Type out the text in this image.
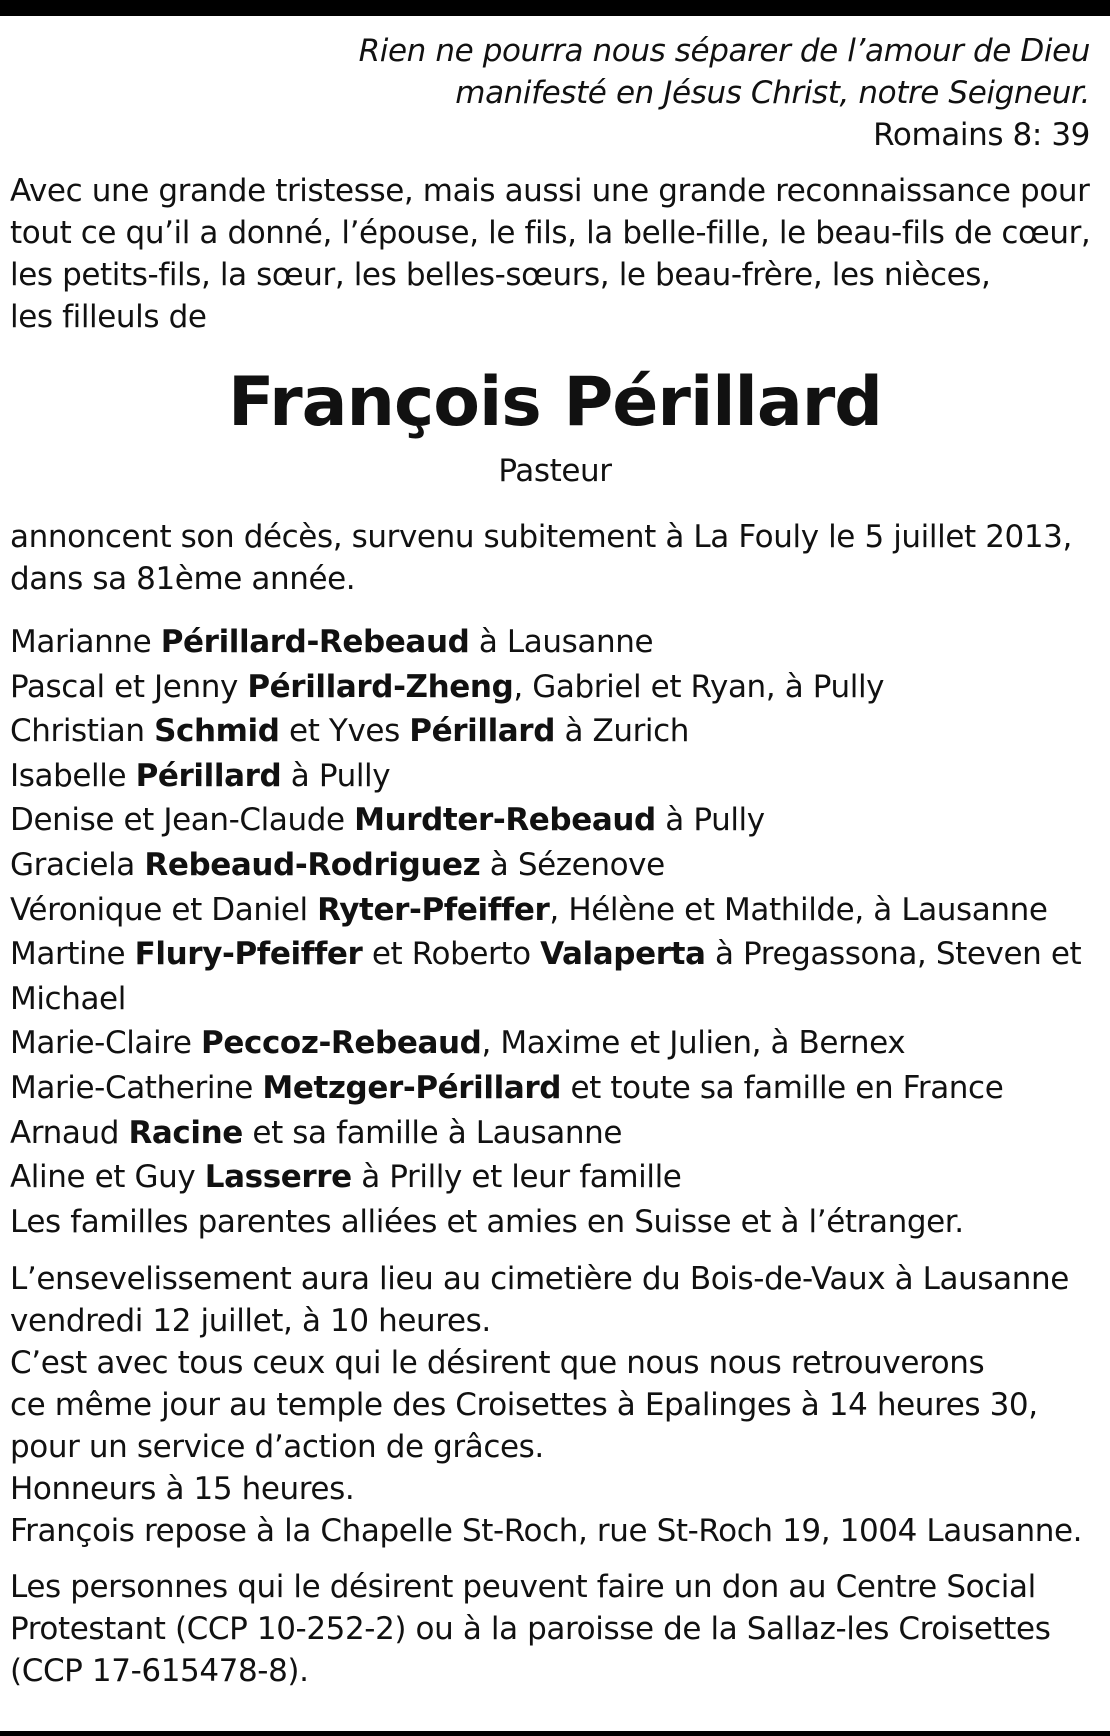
Rien ne pourra nous séparer de l’amour de Dieu
manifesté en Jésus Christ, notre Seigneur.
Romains 8: 39
Avec une grande tristesse, mais aussi une grande reconnaissance pour
tout ce qu’il a donné, l’épouse, le fils, la belle-fille, le beau-fils de cœur,
les petits-fils, la sœur, les belles-sœurs, le beau-frère, les nièces,
les filleuls de
François Périllard
Pasteur
annoncent son décès, survenu subitement à La Fouly le 5 juillet 2013,
dans sa 81ème année.
Marianne Périllard-Rebeaud à Lausanne
Pascal et Jenny Périllard-Zheng, Gabriel et Ryan, à Pully
Christian Schmid et Yves Périllard à Zurich
Isabelle Périllard à Pully
Denise et Jean-Claude Murdter-Rebeaud à Pully
Graciela Rebeaud-Rodriguez à Sézenove
Véronique et Daniel Ryter-Pfeiffer, Hélène et Mathilde, à Lausanne
Martine Flury-Pfeiffer et Roberto Valaperta à Pregassona, Steven et
Michael
Marie-Claire Peccoz-Rebeaud, Maxime et Julien, à Bernex
Marie-Catherine Metzger-Périllard et toute sa famille en France
Arnaud Racine et sa famille à Lausanne
Aline et Guy Lasserre à Prilly et leur famille
Les familles parentes alliées et amies en Suisse et à l’étranger.
L’ensevelissement aura lieu au cimetière du Bois-de-Vaux à Lausanne
vendredi 12 juillet, à 10 heures.
C’est avec tous ceux qui le désirent que nous nous retrouverons
ce même jour au temple des Croisettes à Epalinges à 14 heures 30,
pour un service d’action de grâces.
Honneurs à 15 heures.
François repose à la Chapelle St-Roch, rue St-Roch 19, 1004 Lausanne.
Les personnes qui le désirent peuvent faire un don au Centre Social
Protestant (CCP 10-252-2) ou à la paroisse de la Sallaz-les Croisettes
(CCP 17-615478-8).
